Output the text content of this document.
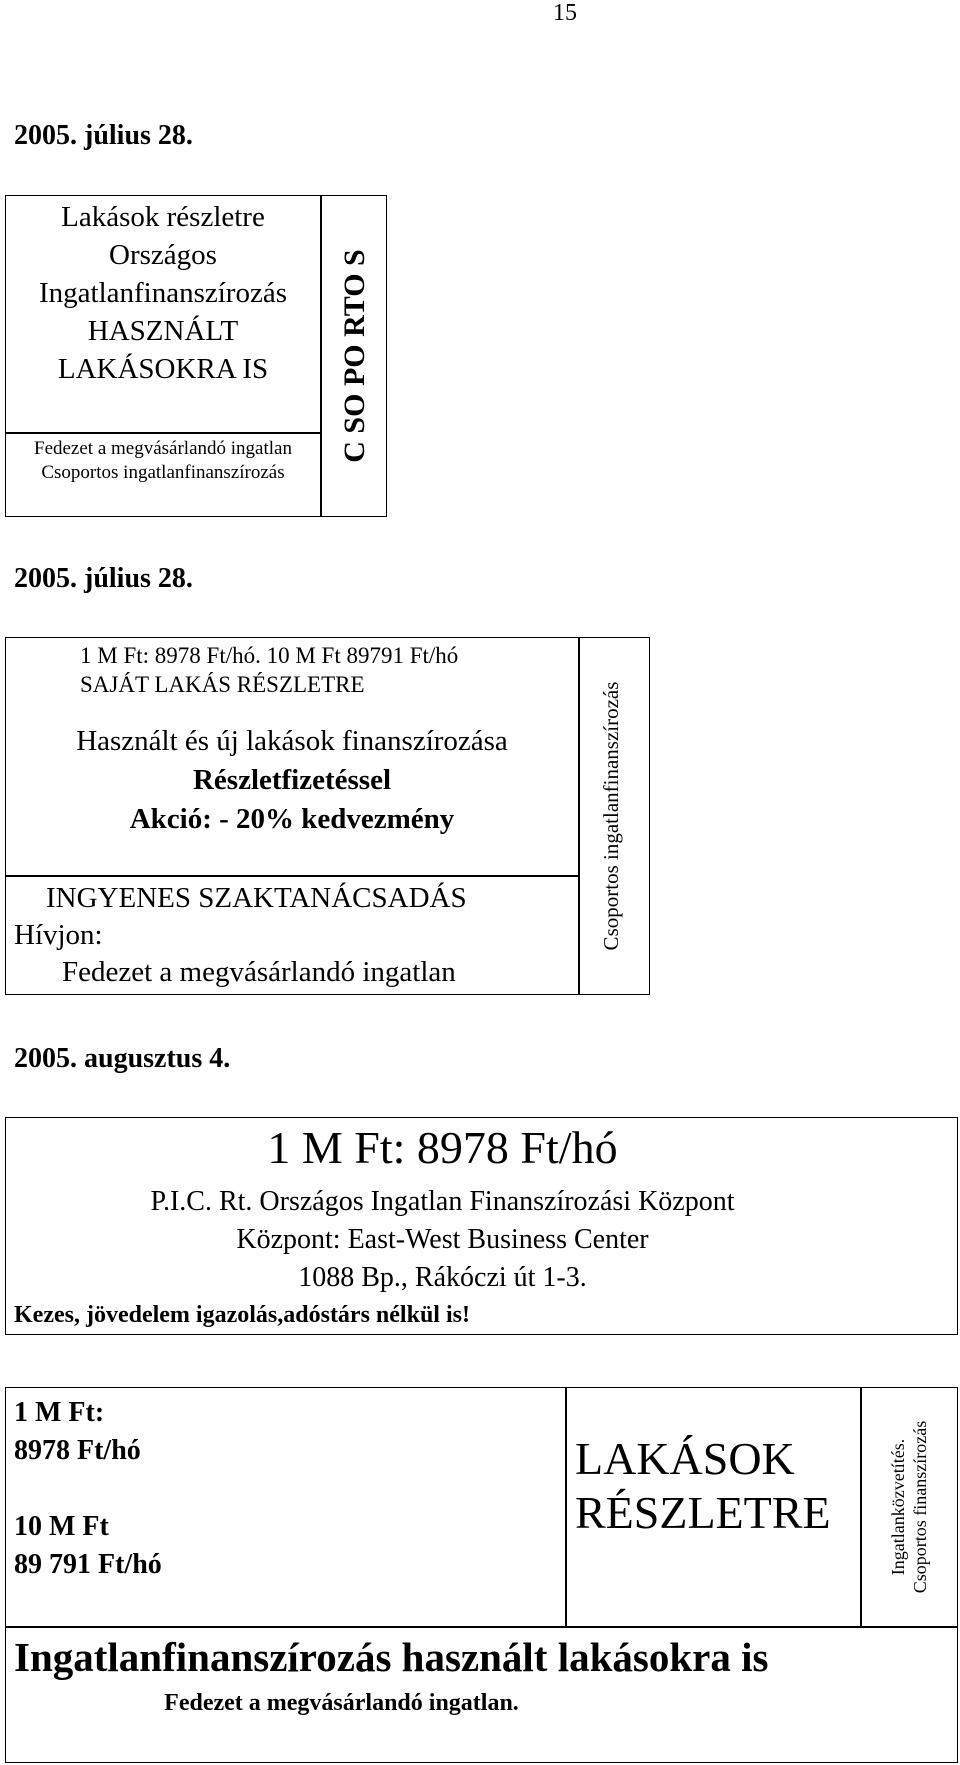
15
2005. július 28.
Lakások részletre
Országos
Ingatlanfinanszírozás
HASZNÁLT
LAKÁSOKRA IS
Fedezet a megvásárlandó ingatlan
Csoportos ingatlanfinanszírozás
C SO PO RTO S
2005. július 28.
1 M Ft: 8978 Ft/hó. 10 M Ft 89791 Ft/hó
SAJÁT LAKÁS RÉSZLETRE
Használt és új lakások finanszírozása
Részletfizetéssel
Akció: - 20% kedvezmény
INGYENES SZAKTANÁCSADÁS
Hívjon:
Fedezet a megvásárlandó ingatlan
Csoportos ingatlanfinanszírozás
2005. augusztus 4.
1 M Ft: 8978 Ft/hó
P.I.C. Rt. Országos Ingatlan Finanszírozási Központ
Központ: East-West Business Center
1088 Bp., Rákóczi út 1-3.
Kezes, jövedelem igazolás,adóstárs nélkül is!
1 M Ft:
8978 Ft/hó
10 M Ft
89 791 Ft/hó
LAKÁSOK
RÉSZLETRE	Ingatlanközvetítés. Csoportos finanszírozás
Ingatlanfinanszírozás használt lakásokra is
Fedezet a megvásárlandó ingatlan.
